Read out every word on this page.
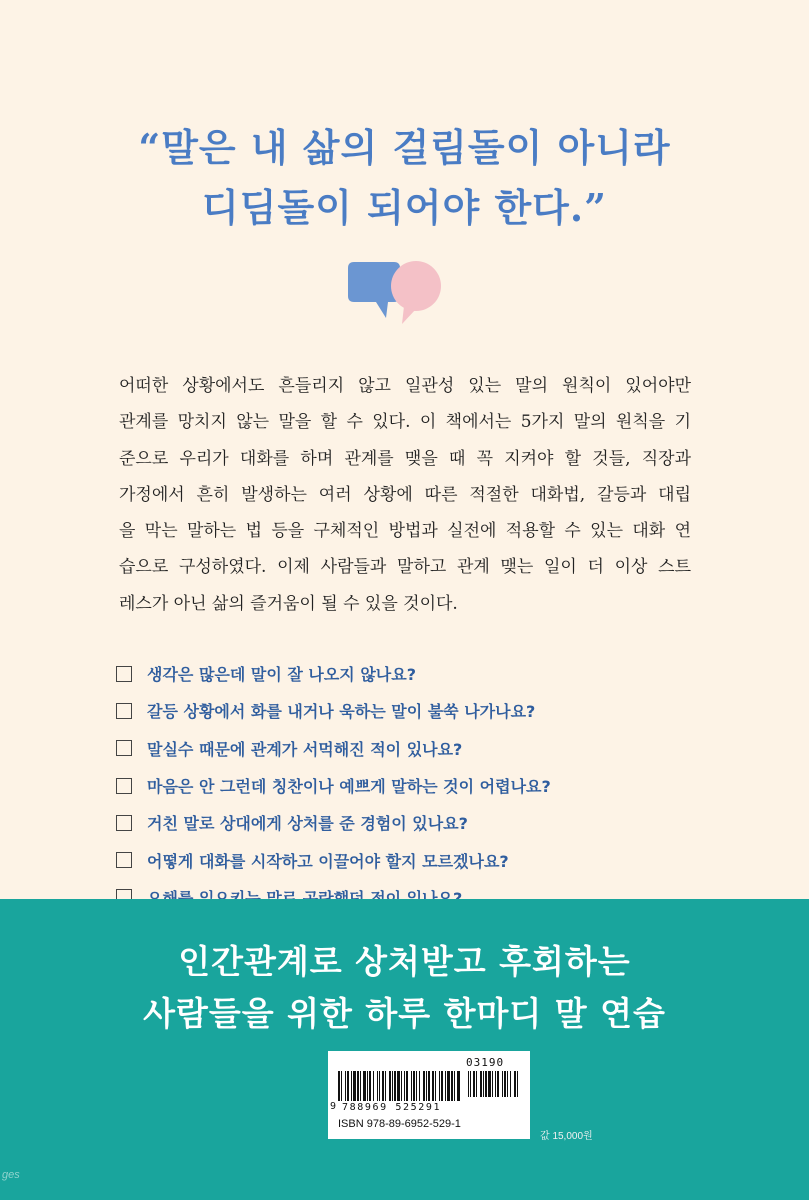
“말은 내 삶의 걸림돌이 아니라
디딤돌이 되어야 한다.”

어떠한 상황에서도 흔들리지 않고 일관성 있는 말의 원칙이 있어야만

관계를 망치지 않는 말을 할 수 있다. 이 책에서는 5가지 말의 원칙을 기

준으로 우리가 대화를 하며 관계를 맺을 때 꼭 지켜야 할 것들, 직장과

가정에서 흔히 발생하는 여러 상황에 따른 적절한 대화법, 갈등과 대립

을 막는 말하는 법 등을 구체적인 방법과 실전에 적용할 수 있는 대화 연

습으로 구성하였다. 이제 사람들과 말하고 관계 맺는 일이 더 이상 스트

레스가 아닌 삶의 즐거움이 될 수 있을 것이다.

생각은 많은데 말이 잘 나오지 않나요?
갈등 상황에서 화를 내거나 욱하는 말이 불쑥 나가나요?
말실수 때문에 관계가 서먹해진 적이 있나요?
마음은 안 그런데 칭찬이나 예쁘게 말하는 것이 어렵나요?
거친 말로 상대에게 상처를 준 경험이 있나요?
어떻게 대화를 시작하고 이끌어야 할지 모르겠나요?
인간관계로 상처받고 후회하는
사람들을 위한 하루 한마디 말 연습
03190
9 788969 525291
ISBN 978-89-6952-529-1
값 15,000원
ges
